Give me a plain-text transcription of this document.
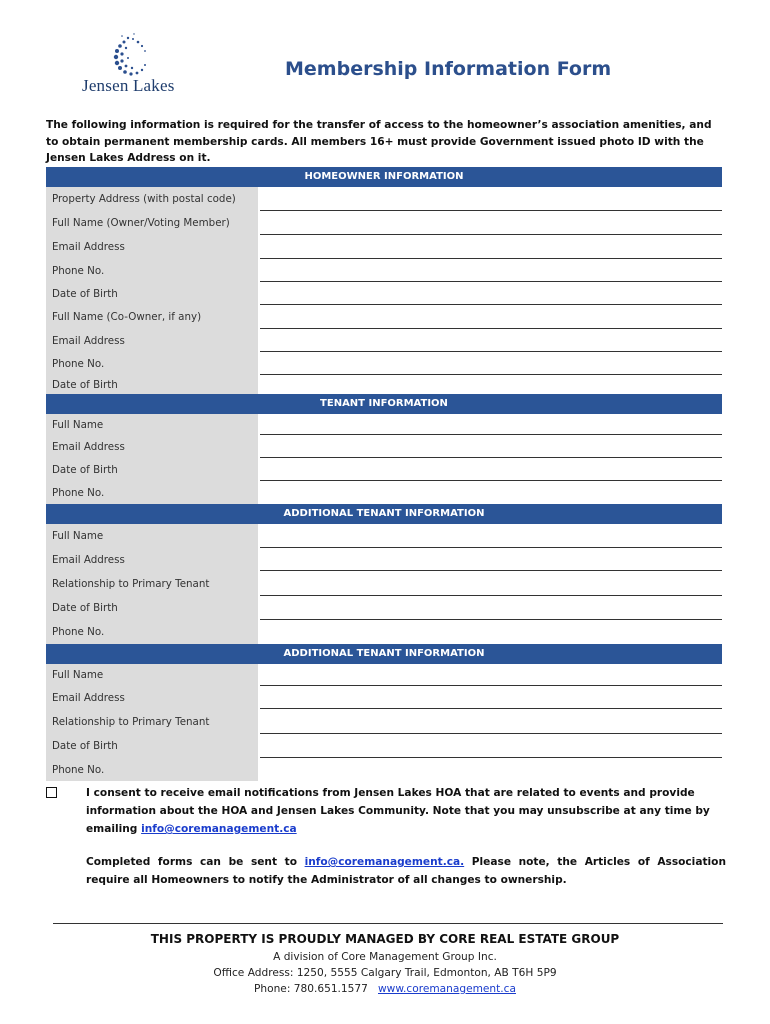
Jensen Lakes
Membership Information Form
The following information is required for the transfer of access to the homeowner’s association amenities, and to obtain permanent membership cards. All members 16+ must provide Government issued photo ID with the Jensen Lakes Address on it.
HOMEOWNER INFORMATION
Property Address (with postal code)
Full Name (Owner/Voting Member)
Email Address
Phone No.
Date of Birth
Full Name (Co-Owner, if any)
Email Address
Phone No.
Date of Birth
TENANT INFORMATION
Full Name
Email Address
Date of Birth
Phone No.
ADDITIONAL TENANT INFORMATION
Full Name
Email Address
Relationship to Primary Tenant
Date of Birth
Phone No.
ADDITIONAL TENANT INFORMATION
Full Name
Email Address
Relationship to Primary Tenant
Date of Birth
Phone No.
I consent to receive email notifications from Jensen Lakes HOA that are related to events and provide information about the HOA and Jensen Lakes Community. Note that you may unsubscribe at any time by emailing info@coremanagement.ca
Completed forms can be sent to info@coremanagement.ca. Please note, the Articles of Association require all Homeowners to notify the Administrator of all changes to ownership.
THIS PROPERTY IS PROUDLY MANAGED BY CORE REAL ESTATE GROUP
A division of Core Management Group Inc.
Office Address: 1250, 5555 Calgary Trail, Edmonton, AB T6H 5P9
Phone: 780.651.1577 www.coremanagement.ca
